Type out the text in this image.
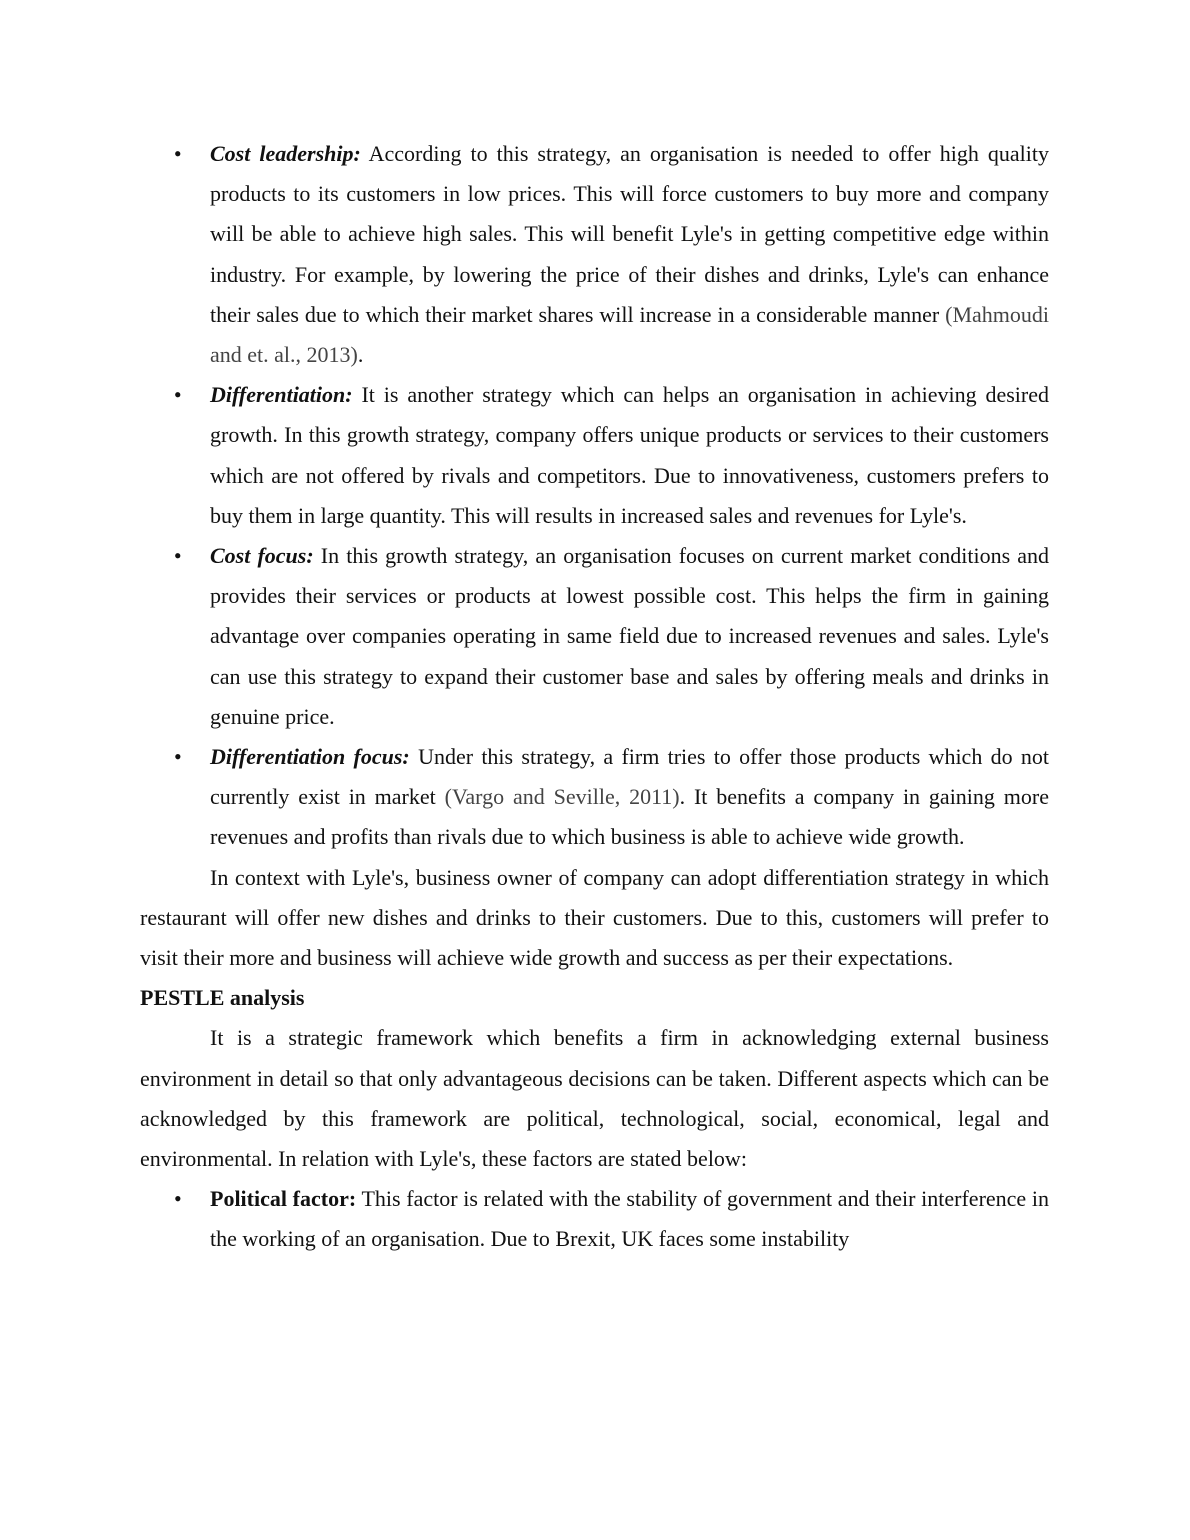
• Cost leadership: According to this strategy, an organisation is needed to offer high quality products to its customers in low prices. This will force customers to buy more and company will be able to achieve high sales. This will benefit Lyle's in getting competitive edge within industry. For example, by lowering the price of their dishes and drinks, Lyle's can enhance their sales due to which their market shares will increase in a considerable manner (Mahmoudi and et. al., 2013).
• Differentiation: It is another strategy which can helps an organisation in achieving desired growth. In this growth strategy, company offers unique products or services to their customers which are not offered by rivals and competitors. Due to innovativeness, customers prefers to buy them in large quantity. This will results in increased sales and revenues for Lyle's.
• Cost focus: In this growth strategy, an organisation focuses on current market conditions and provides their services or products at lowest possible cost. This helps the firm in gaining advantage over companies operating in same field due to increased revenues and sales. Lyle's can use this strategy to expand their customer base and sales by offering meals and drinks in genuine price.
• Differentiation focus: Under this strategy, a firm tries to offer those products which do not currently exist in market (Vargo and Seville, 2011). It benefits a company in gaining more revenues and profits than rivals due to which business is able to achieve wide growth.

In context with Lyle's, business owner of company can adopt differentiation strategy in which restaurant will offer new dishes and drinks to their customers. Due to this, customers will prefer to visit their more and business will achieve wide growth and success as per their expectations.

PESTLE analysis

It is a strategic framework which benefits a firm in acknowledging external business environment in detail so that only advantageous decisions can be taken. Different aspects which can be acknowledged by this framework are political, technological, social, economical, legal and environmental. In relation with Lyle's, these factors are stated below:

• Political factor: This factor is related with the stability of government and their interference in the working of an organisation. Due to Brexit, UK faces some instability
